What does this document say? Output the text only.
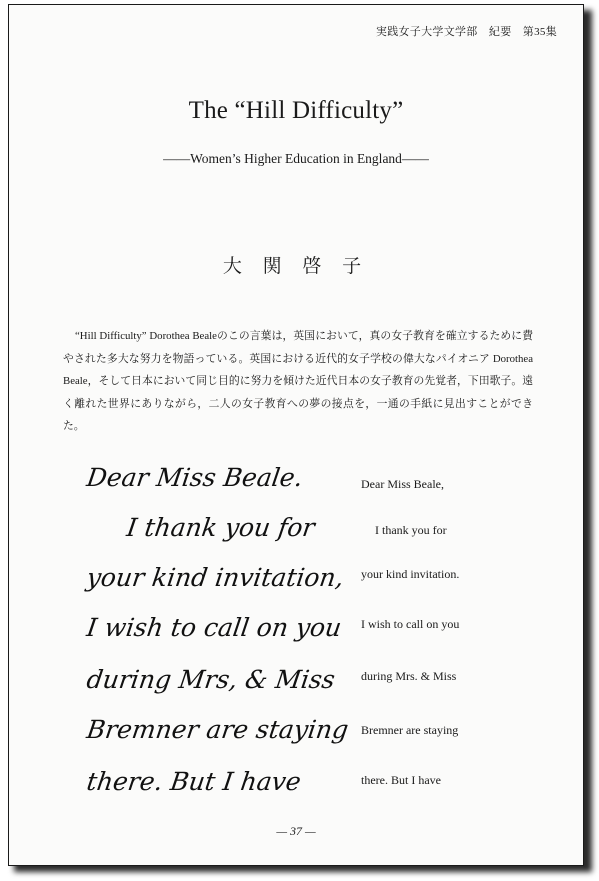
実践女子大学文学部　紀要　第35集
The “Hill Difficulty”
——Women’s Higher Education in England——
大 関 啓 子
“Hill Difficulty” Dorothea Bealeのこの言葉は，英国において，真の女子教育を確立するために費やされた多大な努力を物語っている。英国における近代的女子学校の偉大なパイオニア Dorothea Beale，そして日本において同じ目的に努力を傾けた近代日本の女子教育の先覚者，下田歌子。遠く離れた世界にありながら，二人の女子教育への夢の接点を，一通の手紙に見出すことができた。
Dear Miss Beale.
I thank you for
your kind invitation,
I wish to call on you
during Mrs, & Miss
Bremner are staying
there. But I have
Dear Miss Beale,
I thank you for
your kind invitation.
I wish to call on you
during Mrs. & Miss
Bremner are staying
there. But I have
— 37 —
